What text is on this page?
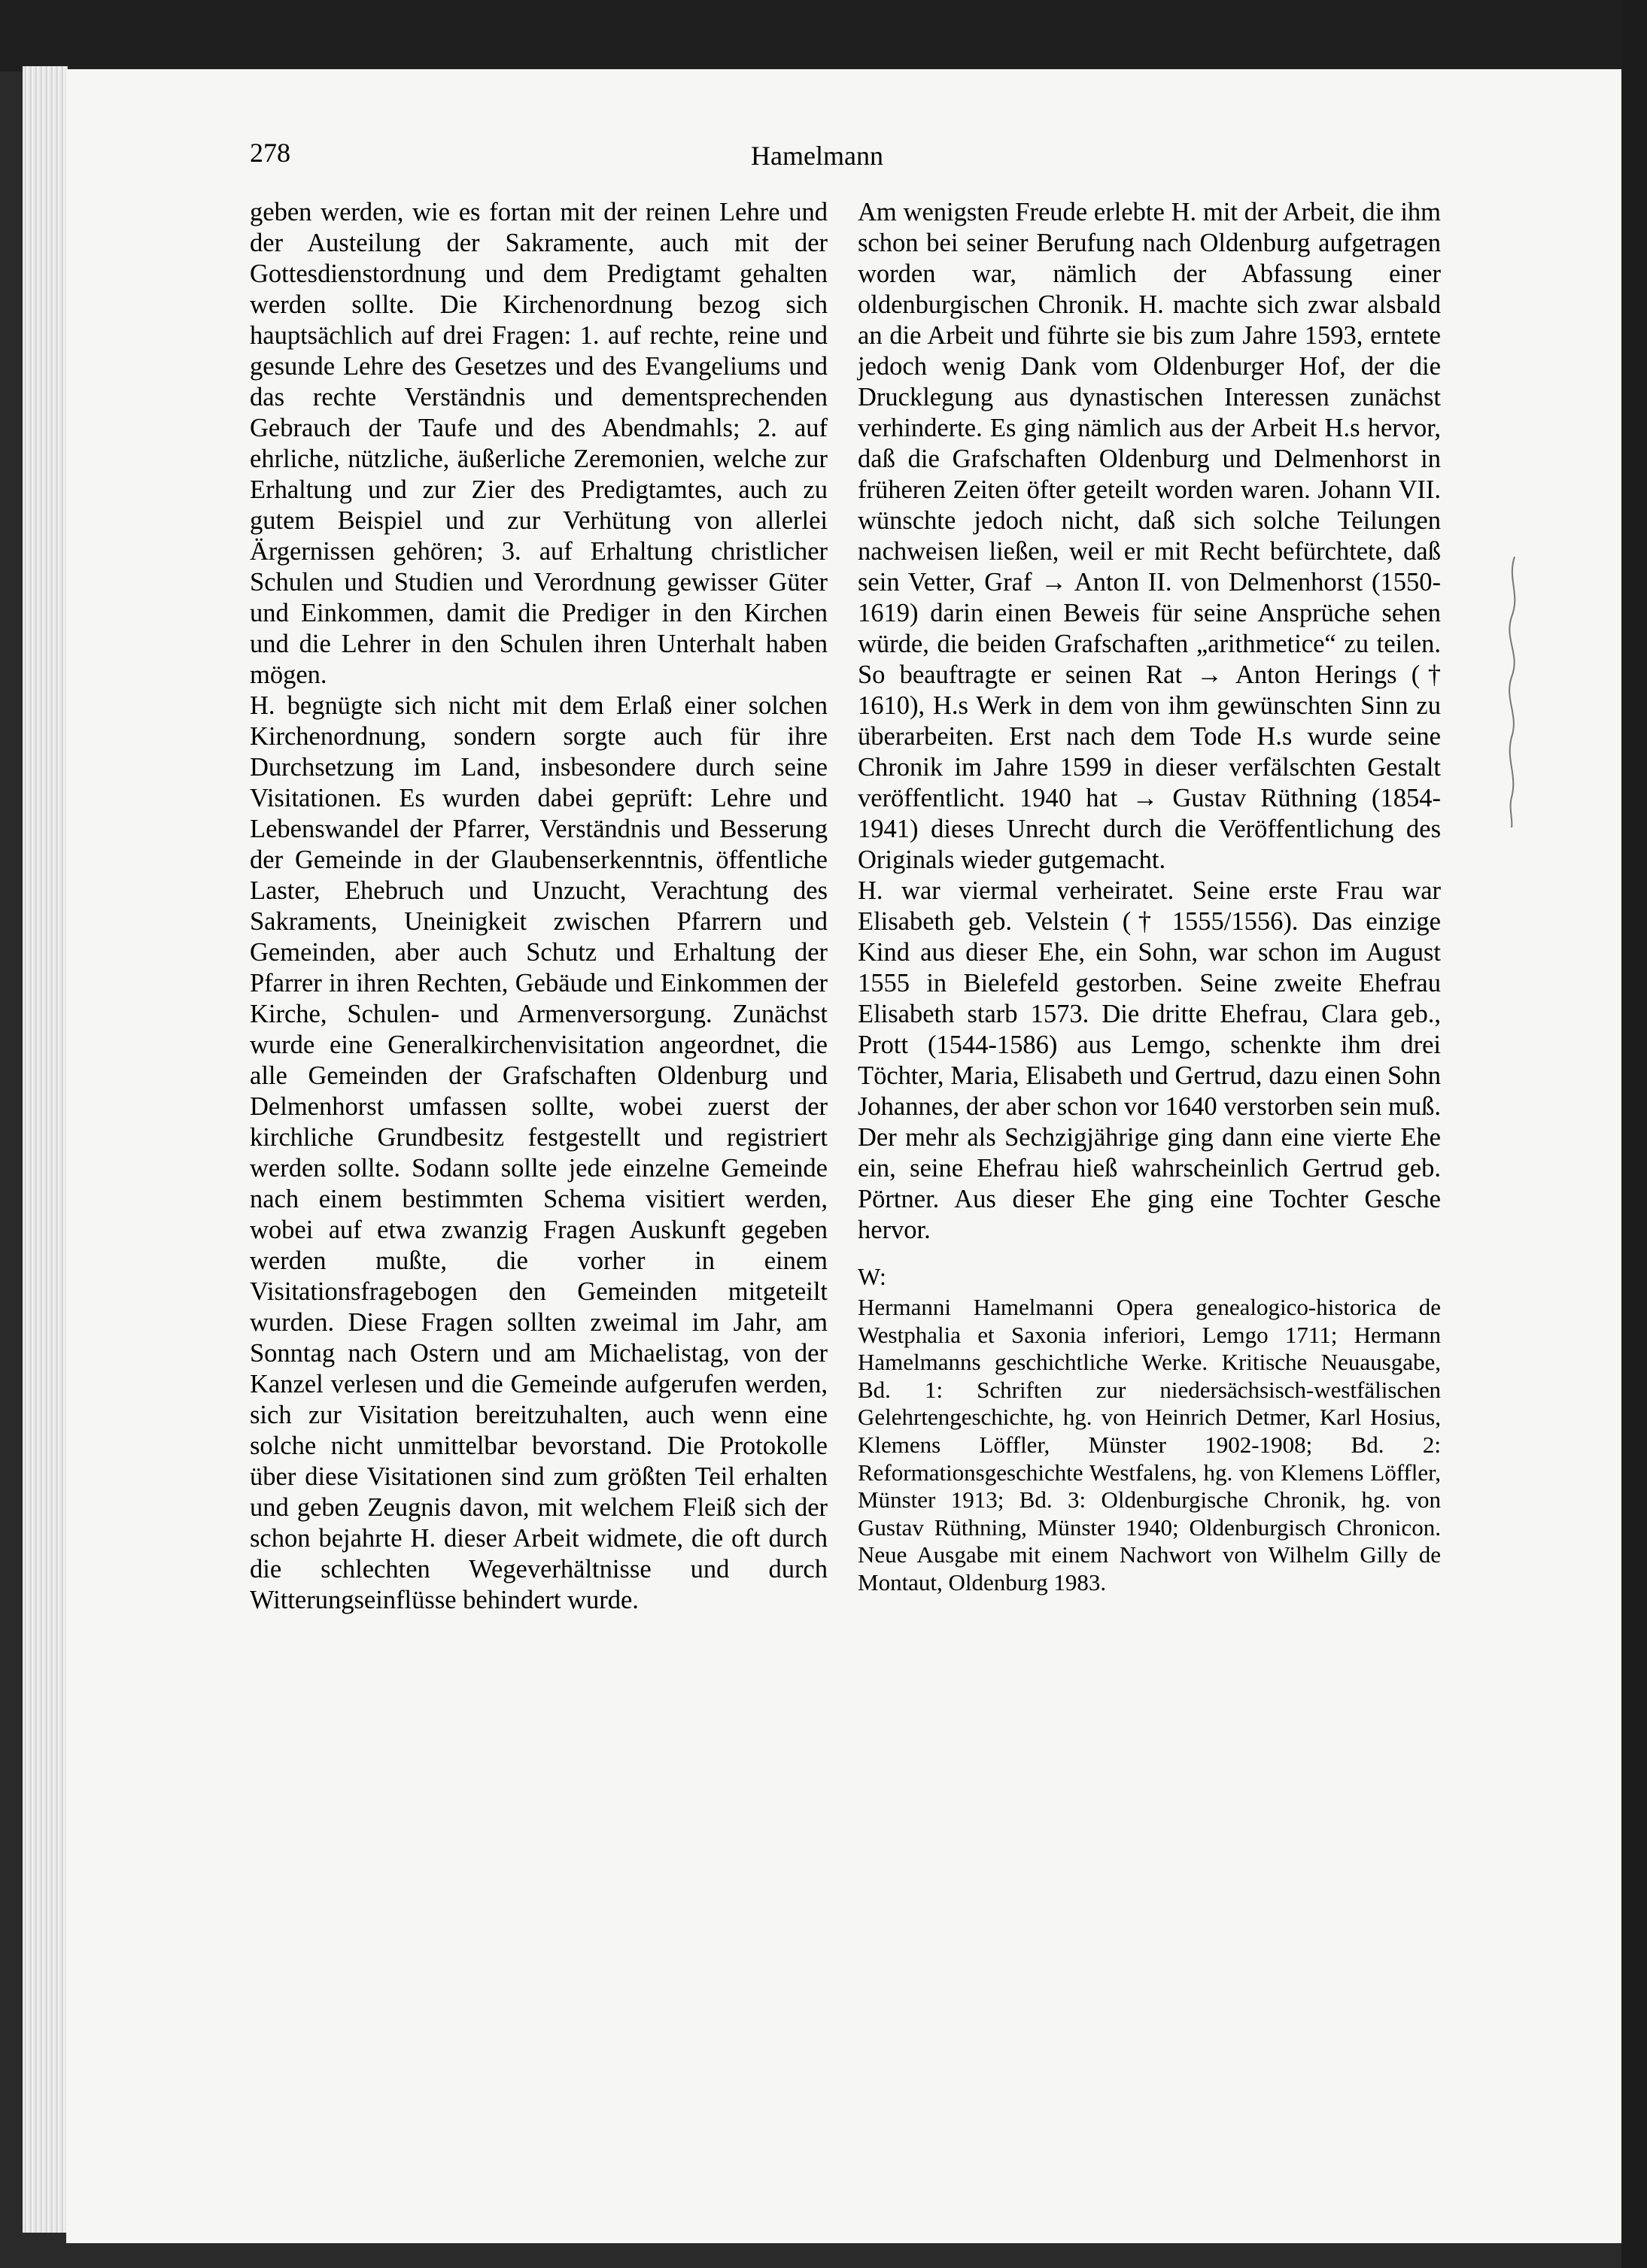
278	Hamelmann

geben werden, wie es fortan mit der reinen Lehre und der Austeilung der Sakramente, auch mit der Gottesdienstordnung und dem Predigtamt gehalten werden sollte. Die Kirchenordnung bezog sich hauptsächlich auf drei Fragen: 1. auf rechte, reine und gesunde Lehre des Gesetzes und des Evangeliums und das rechte Verständnis und dementsprechenden Gebrauch der Taufe und des Abendmahls; 2. auf ehrliche, nützliche, äußerliche Zeremonien, welche zur Erhaltung und zur Zier des Predigtamtes, auch zu gutem Beispiel und zur Verhütung von allerlei Ärgernissen gehören; 3. auf Erhaltung christlicher Schulen und Studien und Verordnung gewisser Güter und Einkommen, damit die Prediger in den Kirchen und die Lehrer in den Schulen ihren Unterhalt haben mögen.

H. begnügte sich nicht mit dem Erlaß einer solchen Kirchenordnung, sondern sorgte auch für ihre Durchsetzung im Land, insbesondere durch seine Visitationen. Es wurden dabei geprüft: Lehre und Lebenswandel der Pfarrer, Verständnis und Besserung der Gemeinde in der Glaubenserkenntnis, öffentliche Laster, Ehebruch und Unzucht, Verachtung des Sakraments, Uneinigkeit zwischen Pfarrern und Gemeinden, aber auch Schutz und Erhaltung der Pfarrer in ihren Rechten, Gebäude und Einkommen der Kirche, Schulen- und Armenversorgung. Zunächst wurde eine Generalkirchenvisitation angeordnet, die alle Gemeinden der Grafschaften Oldenburg und Delmenhorst umfassen sollte, wobei zuerst der kirchliche Grundbesitz festgestellt und registriert werden sollte. Sodann sollte jede einzelne Gemeinde nach einem bestimmten Schema visitiert werden, wobei auf etwa zwanzig Fragen Auskunft gegeben werden mußte, die vorher in einem Visitationsfragebogen den Gemeinden mitgeteilt wurden. Diese Fragen sollten zweimal im Jahr, am Sonntag nach Ostern und am Michaelistag, von der Kanzel verlesen und die Gemeinde aufgerufen werden, sich zur Visitation bereitzuhalten, auch wenn eine solche nicht unmittelbar bevorstand. Die Protokolle über diese Visitationen sind zum größten Teil erhalten und geben Zeugnis davon, mit welchem Fleiß sich der schon bejahrte H. dieser Arbeit widmete, die oft durch die schlechten Wegeverhältnisse und durch Witterungseinflüsse behindert wurde.

Am wenigsten Freude erlebte H. mit der Arbeit, die ihm schon bei seiner Berufung nach Oldenburg aufgetragen worden war, nämlich der Abfassung einer oldenburgischen Chronik. H. machte sich zwar alsbald an die Arbeit und führte sie bis zum Jahre 1593, erntete jedoch wenig Dank vom Oldenburger Hof, der die Drucklegung aus dynastischen Interessen zunächst verhinderte. Es ging nämlich aus der Arbeit H.s hervor, daß die Grafschaften Oldenburg und Delmenhorst in früheren Zeiten öfter geteilt worden waren. Johann VII. wünschte jedoch nicht, daß sich solche Teilungen nachweisen ließen, weil er mit Recht befürchtete, daß sein Vetter, Graf → Anton II. von Delmenhorst (1550-1619) darin einen Beweis für seine Ansprüche sehen würde, die beiden Grafschaften „arithmetice“ zu teilen. So beauftragte er seinen Rat → Anton Herings († 1610), H.s Werk in dem von ihm gewünschten Sinn zu überarbeiten. Erst nach dem Tode H.s wurde seine Chronik im Jahre 1599 in dieser verfälschten Gestalt veröffentlicht. 1940 hat → Gustav Rüthning (1854-1941) dieses Unrecht durch die Veröffentlichung des Originals wieder gutgemacht.

H. war viermal verheiratet. Seine erste Frau war Elisabeth geb. Velstein († 1555/1556). Das einzige Kind aus dieser Ehe, ein Sohn, war schon im August 1555 in Bielefeld gestorben. Seine zweite Ehefrau Elisabeth starb 1573. Die dritte Ehefrau, Clara geb., Prott (1544-1586) aus Lemgo, schenkte ihm drei Töchter, Maria, Elisabeth und Gertrud, dazu einen Sohn Johannes, der aber schon vor 1640 verstorben sein muß. Der mehr als Sechzigjährige ging dann eine vierte Ehe ein, seine Ehefrau hieß wahrscheinlich Gertrud geb. Pörtner. Aus dieser Ehe ging eine Tochter Gesche hervor.

W:

Hermanni Hamelmanni Opera genealogico-historica de Westphalia et Saxonia inferiori, Lemgo 1711; Hermann Hamelmanns geschichtliche Werke. Kritische Neuausgabe, Bd. 1: Schriften zur niedersächsisch-westfälischen Gelehrtengeschichte, hg. von Heinrich Detmer, Karl Hosius, Klemens Löffler, Münster 1902-1908; Bd. 2: Reformationsgeschichte Westfalens, hg. von Klemens Löffler, Münster 1913; Bd. 3: Oldenburgische Chronik, hg. von Gustav Rüthning, Münster 1940; Oldenburgisch Chronicon. Neue Ausgabe mit einem Nachwort von Wilhelm Gilly de Montaut, Oldenburg 1983.
